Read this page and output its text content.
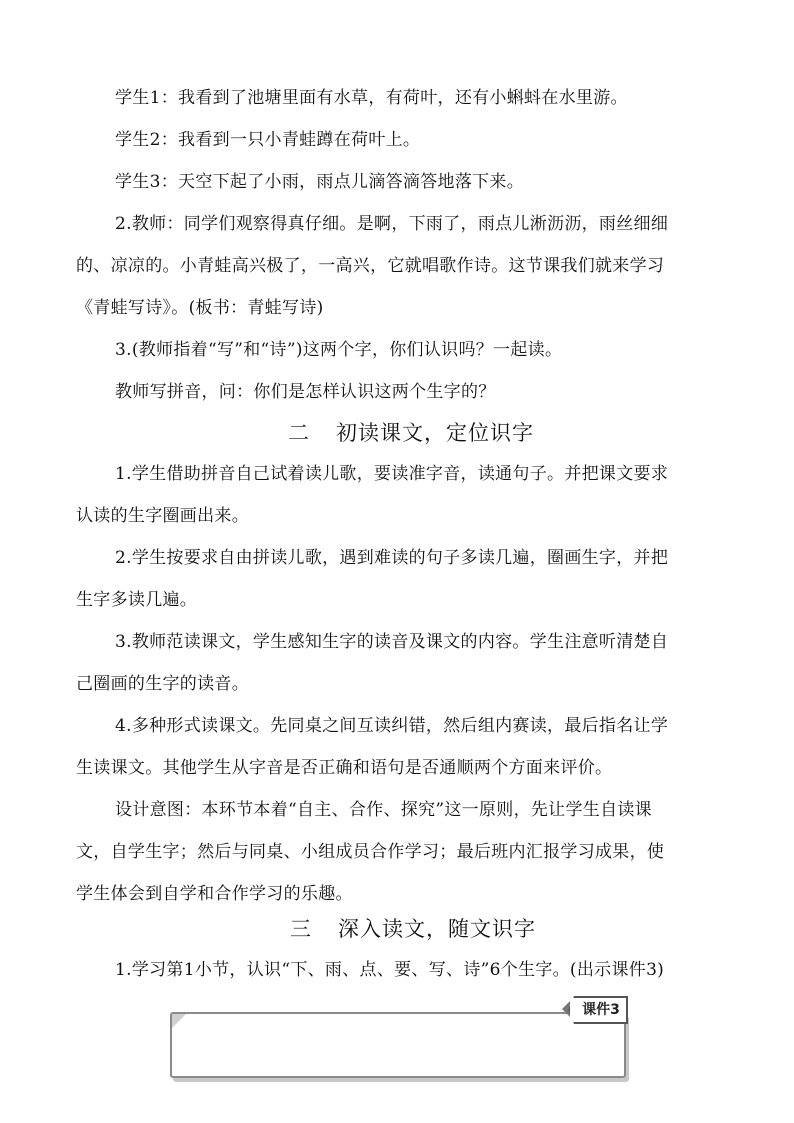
学生1：我看到了池塘里面有水草，有荷叶，还有小蝌蚪在水里游。
学生2：我看到一只小青蛙蹲在荷叶上。
学生3：天空下起了小雨，雨点儿滴答滴答地落下来。
2.教师：同学们观察得真仔细。是啊，下雨了，雨点儿淅沥沥，雨丝细细
的、凉凉的。小青蛙高兴极了，一高兴，它就唱歌作诗。这节课我们就来学习
《青蛙写诗》。(板书：青蛙写诗)
3.(教师指着“写”和“诗”)这两个字，你们认识吗？一起读。
教师写拼音，问：你们是怎样认识这两个生字的？
二 初读课文，定位识字
1.学生借助拼音自己试着读儿歌，要读准字音，读通句子。并把课文要求
认读的生字圈画出来。
2.学生按要求自由拼读儿歌，遇到难读的句子多读几遍，圈画生字，并把
生字多读几遍。
3.教师范读课文，学生感知生字的读音及课文的内容。学生注意听清楚自
己圈画的生字的读音。
4.多种形式读课文。先同桌之间互读纠错，然后组内赛读，最后指名让学
生读课文。其他学生从字音是否正确和语句是否通顺两个方面来评价。
设计意图：本环节本着“自主、合作、探究”这一原则，先让学生自读课
文，自学生字；然后与同桌、小组成员合作学习；最后班内汇报学习成果，使
学生体会到自学和合作学习的乐趣。
三 深入读文，随文识字
1.学习第1小节，认识“下、雨、点、要、写、诗”6个生字。(出示课件3)
课件3
